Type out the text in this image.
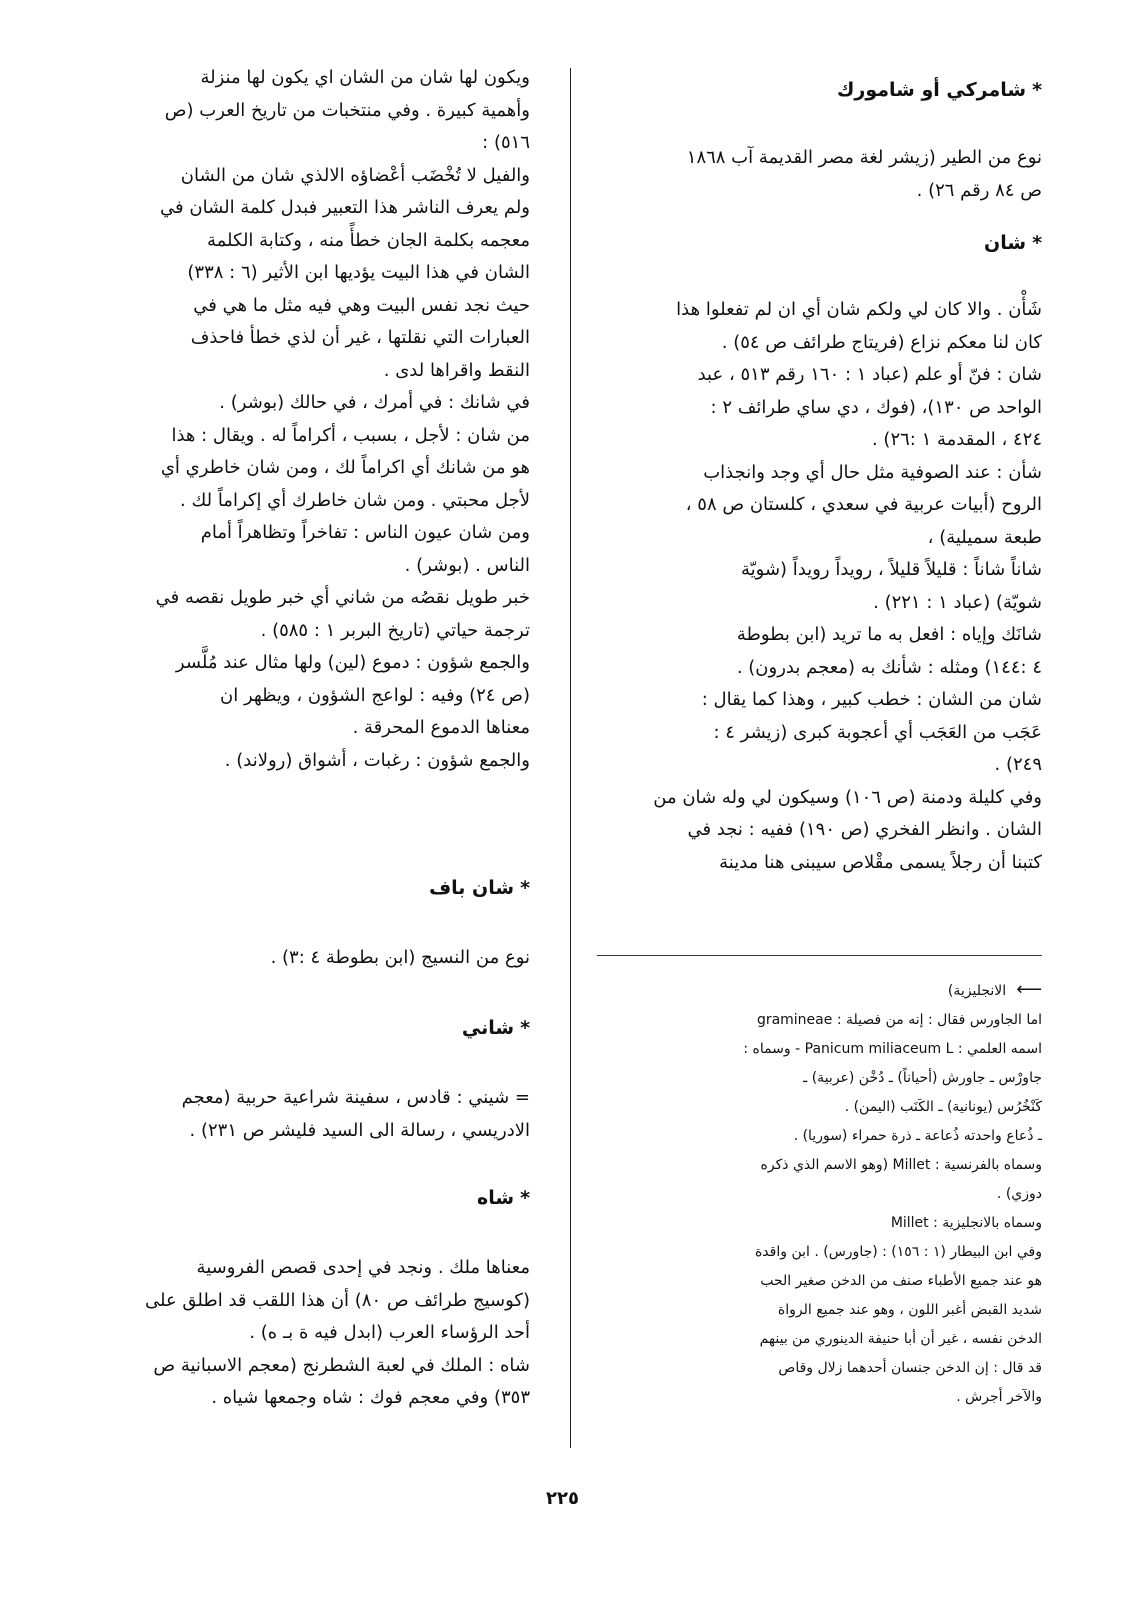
*شامركي أو شامورك

نوع من الطير (زيشر لغة مصر القديمة آب ١٨٦٨

ص ٨٤ رقم ٢٦) .

*شان

شَأْن . والا كان لي ولكم شان أي ان لم تفعلوا هذا

كان لنا معكم نزاع (فريتاج طرائف ص ٥٤) .

شان : فنّ أو علم (عباد ١ : ١٦٠ رقم ٥١٣ ، عبد

الواحد ص ١٣٠)، (فوك ، دي ساي طرائف ٢ :

٤٢٤ ، المقدمة ١ :٢٦) .

شأن : عند الصوفية مثل حال أي وجد وانجذاب

الروح (أبيات عربية في سعدي ، كلستان ص ٥٨ ،

طبعة سميلية) ،

شاناً شاناً : قليلاً قليلاً ، رويداً رويداً (شويّة

شويّة) (عباد ١ : ٢٢١) .

شانَك وإياه : افعل به ما تريد (ابن بطوطة

٤ :١٤٤) ومثله : شأنك به (معجم بدرون) .

شان من الشان : خطب كبير ، وهذا كما يقال :

عَجَب من العَجَب أي أعجوبة كبرى (زيشر ٤ :

٢٤٩) .

وفي كليلة ودمنة (ص ١٠٦) وسيكون لي وله شان من

الشان . وانظر الفخري (ص ١٩٠) ففيه : نجد في

كتبنا أن رجلاً يسمى مقْلاص سيبنى هنا مدينة

⟵الانجليزية)

اما الجاورس فقال : إنه من فصيلة : gramineae

اسمه العلمي : Panicum miliaceum L - وسماه :

جاورْس ـ جاورش (أحياناً) ـ دُخْن (عربية) ـ

كَنْخُرُس (يونانية) ـ الكَنَب (اليمن) .

ـ ذُعاع واحدته ذُعاعة ـ ذرة حمراء (سوريا) .

وسماه بالفرنسية : Millet (وهو الاسم الذي ذكره

دوزي) .

وسماه بالانجليزية : Millet

وفي ابن البيطار (١ : ١٥٦) : (جاورس) . ابن واقدة

هو عند جميع الأطباء صنف من الدخن صغير الحب

شديد القبض أغبر اللون ، وهو عند جميع الرواة

الدخن نفسه ، غير أن أبا حنيفة الدينوري من بينهم

قد قال : إن الدخن جنسان أحدهما زلال وقاص

والآخر أجرش .

ويكون لها شان من الشان اي يكون لها منزلة

وأهمية كبيرة . وفي منتخبات من تاريخ العرب (ص

٥١٦) :

والفيل لا تُخْضَب أعْضاؤه الالذي شان من الشان

ولم يعرف الناشر هذا التعبير فبدل كلمة الشان في

معجمه بكلمة الجان خطأً منه ، وكتابة الكلمة

الشان في هذا البيت يؤديها ابن الأثير (٦ : ٣٣٨)

حيث نجد نفس البيت وهي فيه مثل ما هي في

العبارات التي نقلتها ، غير أن لذي خطأ فاحذف

النقط واقراها لدى .

في شانك : في أمرك ، في حالك (بوشر) .

من شان : لأجل ، بسبب ، أكراماً له . ويقال : هذا

هو من شانك أي اكراماً لك ، ومن شان خاطري أي

لأجل محبتي . ومن شان خاطرك أي إكراماً لك .

ومن شان عيون الناس : تفاخراً وتظاهراً أمام

الناس . (بوشر) .

خبر طويل نقصُه من شاني أي خبر طويل نقصه في

ترجمة حياتي (تاريخ البربر ١ : ٥٨٥) .

والجمع شؤون : دموع (لين) ولها مثال عند مُلَّسر

(ص ٢٤) وفيه : لواعج الشؤون ، ويظهر ان

معناها الدموع المحرقة .

والجمع شؤون : رغبات ، أشواق (رولاند) .

*شان باف

نوع من النسيج (ابن بطوطة ٤ :٣) .

*شاني

= شيني : قادس ، سفينة شراعية حربية (معجم

الادريسي ، رسالة الى السيد فليشر ص ٢٣١) .

*شاه

معناها ملك . ونجد في إحدى قصص الفروسية

(كوسيج طرائف ص ٨٠) أن هذا اللقب قد اطلق على

أحد الرؤساء العرب (ابدل فيه ة بـ ه) .

شاه : الملك في لعبة الشطرنج (معجم الاسبانية ص

٣٥٣) وفي معجم فوك : شاه وجمعها شياه .

٢٢٥
